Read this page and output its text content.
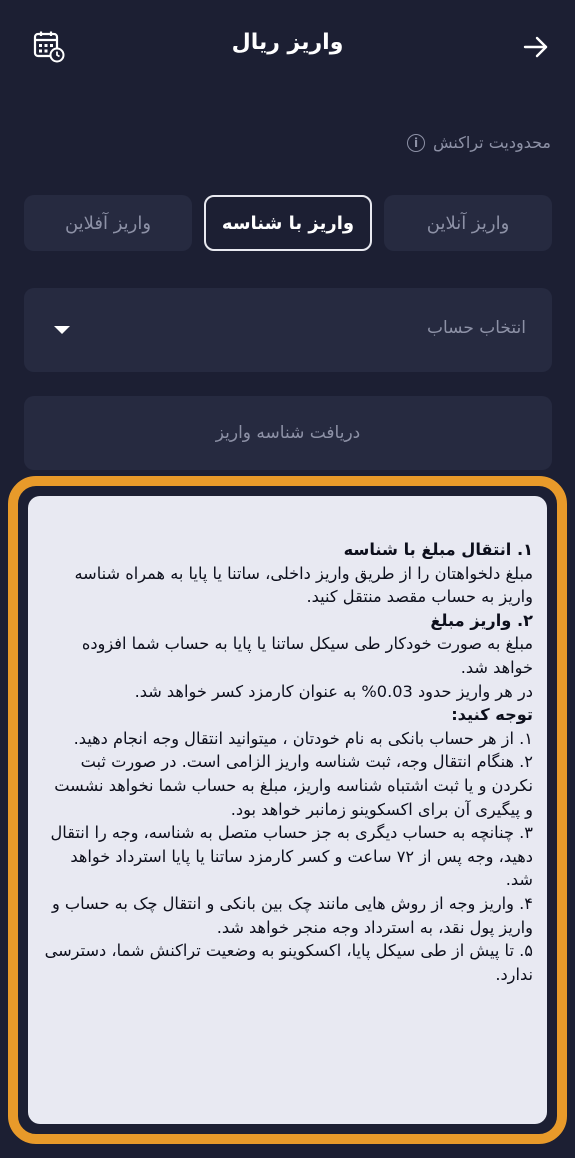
واریز ریال
محدودیت تراکنش
i
واریز آنلاین
واریز با شناسه
واریز آفلاین
انتخاب حساب
دریافت شناسه واریز

۱. انتقال مبلغ با شناسه

مبلغ دلخواهتان را از طریق واریز داخلی، ساتنا یا پایا به همراه شناسه واریز به حساب مقصد منتقل کنید.

۲. واریز مبلغ

مبلغ به صورت خودکار طی سیکل ساتنا یا پایا به حساب شما افزوده خواهد شد.

در هر واریز حدود 0.03% به عنوان کارمزد کسر خواهد شد.

توجه کنید:

۱. از هر حساب بانکی به نام خودتان ، میتوانید انتقال وجه انجام دهید.

۲. هنگام انتقال وجه، ثبت شناسه واریز الزامی است. در صورت ثبت نکردن و یا ثبت اشتباه شناسه واریز، مبلغ به حساب شما نخواهد نشست و پیگیری آن برای اکسکوینو زمانبر خواهد بود.

۳. چنانچه به حساب دیگری به جز حساب متصل به شناسه، وجه را انتقال دهید، وجه پس از ۷۲ ساعت و کسر کارمزد ساتنا یا پایا استرداد خواهد شد.

۴. واریز وجه از روش هایی مانند چک بین بانکی و انتقال چک به حساب و واریز پول نقد، به استرداد وجه منجر خواهد شد.

۵. تا پیش از طی سیکل پایا، اکسکوینو به وضعیت تراکنش شما، دسترسی ندارد.
